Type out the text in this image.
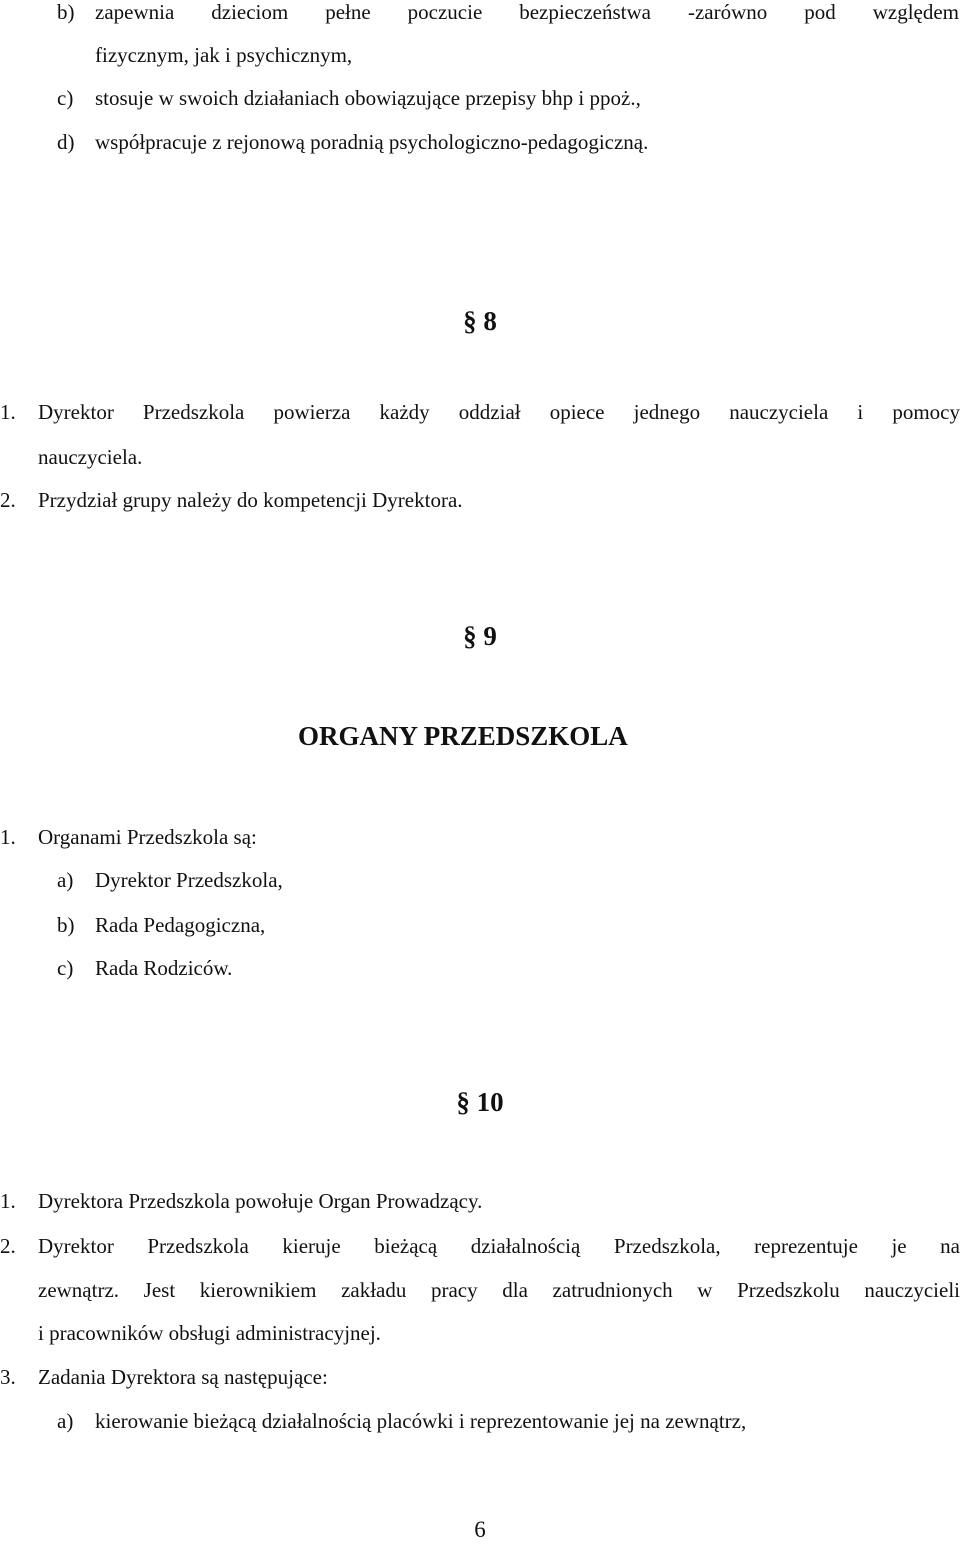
b) zapewnia dzieciom pełne poczucie bezpieczeństwa -zarówno pod względem
fizycznym, jak i psychicznym,
c) stosuje w swoich działaniach obowiązujące przepisy bhp i ppoż.,
d) współpracuje z rejonową poradnią psychologiczno-pedagogiczną.
§ 8
1. Dyrektor Przedszkola powierza każdy oddział opiece jednego nauczyciela i pomocy
nauczyciela.
2. Przydział grupy należy do kompetencji Dyrektora.
§ 9
ORGANY PRZEDSZKOLA
1. Organami Przedszkola są:
a) Dyrektor Przedszkola,
b) Rada Pedagogiczna,
c) Rada Rodziców.
§ 10
1. Dyrektora Przedszkola powołuje Organ Prowadzący.
2. Dyrektor Przedszkola kieruje bieżącą działalnością Przedszkola, reprezentuje je na
zewnątrz. Jest kierownikiem zakładu pracy dla zatrudnionych w Przedszkolu nauczycieli
i pracowników obsługi administracyjnej.
3. Zadania Dyrektora są następujące:
a) kierowanie bieżącą działalnością placówki i reprezentowanie jej na zewnątrz,
6
